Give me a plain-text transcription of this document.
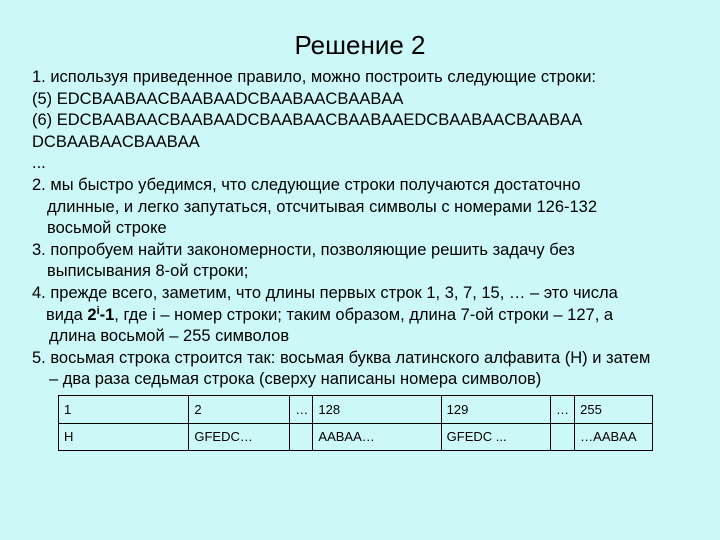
Решение 2
1. используя приведенное правило, можно построить следующие строки:
(5) EDCBAABAACBAABAADCBAABAACBAABAA
(6) EDCBAABAACBAABAADCBAABAACBAABAAEDCBAABAACBAABAA
DCBAABAACBAABAA
...
2. мы быстро убедимся, что следующие строки получаются достаточно
длинные, и легко запутаться, отсчитывая символы с номерами 126-132
восьмой строке
3. попробуем найти закономерности, позволяющие решить задачу без
выписывания 8-ой строки;
4. прежде всего, заметим, что длины первых строк 1, 3, 7, 15, … – это числа
вида 2$^i$-1, где i – номер строки; таким образом, длина 7-ой строки – 127, а
длина восьмой – 255 символов
5. восьмая строка строится так: восьмая буква латинского алфавита (H) и затем
– два раза седьмая строка (сверху написаны номера символов)
1	2	…	128	129	…	255
H	GFEDC…		AABAA…	GFEDC ...		…AABAA
